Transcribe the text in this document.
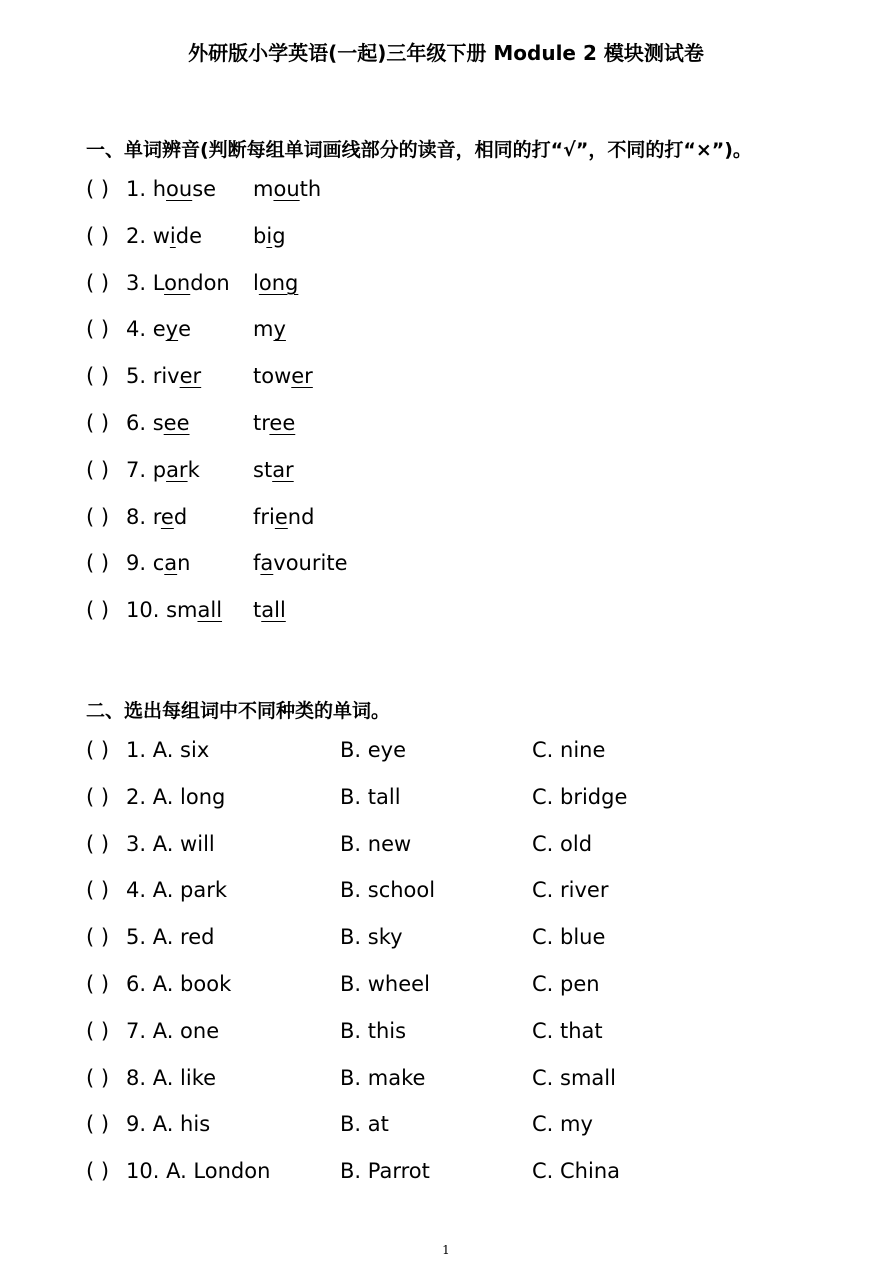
外研版小学英语(一起)三年级下册 Module 2 模块测试卷
一、单词辨音(判断每组单词画线部分的读音，相同的打“√”，不同的打“×”)。
( ) 1. house mouth
( ) 2. wide big
( ) 3. London long
( ) 4. eye	my
( ) 5. river tower
( ) 6. see	tree
( ) 7. park	star
( ) 8. red	friend
( ) 9. can	favourite
( ) 10. small tall
二、选出每组词中不同种类的单词。
( ) 1. A. six	B. eye	C. nine
( ) 2. A. long	B. tall	C. bridge
( ) 3. A. will	B. new	C. old
( ) 4. A. park	B. school	C. river
( ) 5. A. red	B. sky	C. blue
( ) 6. A. book	B. wheel	C. pen
( ) 7. A. one	B. this	C. that
( ) 8. A. like	B. make	C. small
( ) 9. A. his	B. at	C. my
( ) 10. A. London	B. Parrot	C. China
1
